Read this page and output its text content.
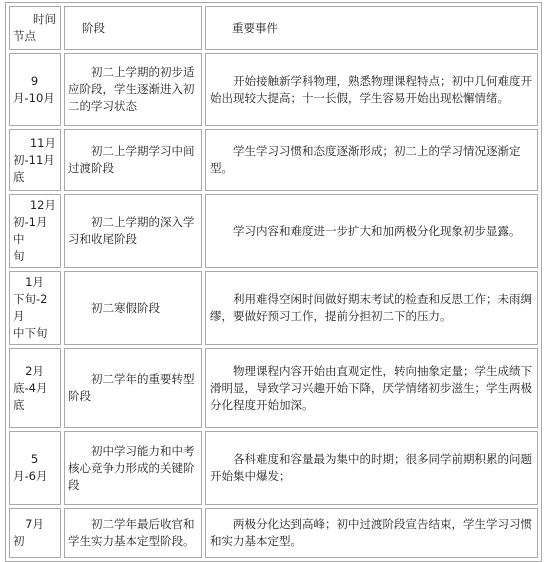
时间
节点	阶段	重要事件

9
月-10月	初二上学期的初步适应阶段，学生逐渐进入初二的学习状态	开始接触新学科物理，熟悉物理课程特点；初中几何难度开始出现较大提高；十一长假，学生容易开始出现松懈情绪。

11月
初-11月
底	初二上学期学习中间过渡阶段	学生学习习惯和态度逐渐形成；初二上的学习情况逐渐定型。

12月
初-1月中
旬	初二上学期的深入学习和收尾阶段	学习内容和难度进一步扩大和加两极分化现象初步显露。

1月
下旬-2月
中下旬	初二寒假阶段	利用难得空闲时间做好期末考试的检查和反思工作；未雨绸缪，要做好预习工作，提前分担初二下的压力。

2月
底-4月底	初二学年的重要转型阶段	物理课程内容开始由直观定性，转向抽象定量；学生成绩下滑明显，导致学习兴趣开始下降，厌学情绪初步滋生；学生两极分化程度开始加深。

5
月-6月	初中学习能力和中考核心竞争力形成的关键阶段	各科难度和容量最为集中的时期；很多同学前期积累的问题开始集中爆发；

7月
初	初二学年最后收官和学生实力基本定型阶段。	两极分化达到高峰；初中过渡阶段宣告结束，学生学习习惯和实力基本定型。
